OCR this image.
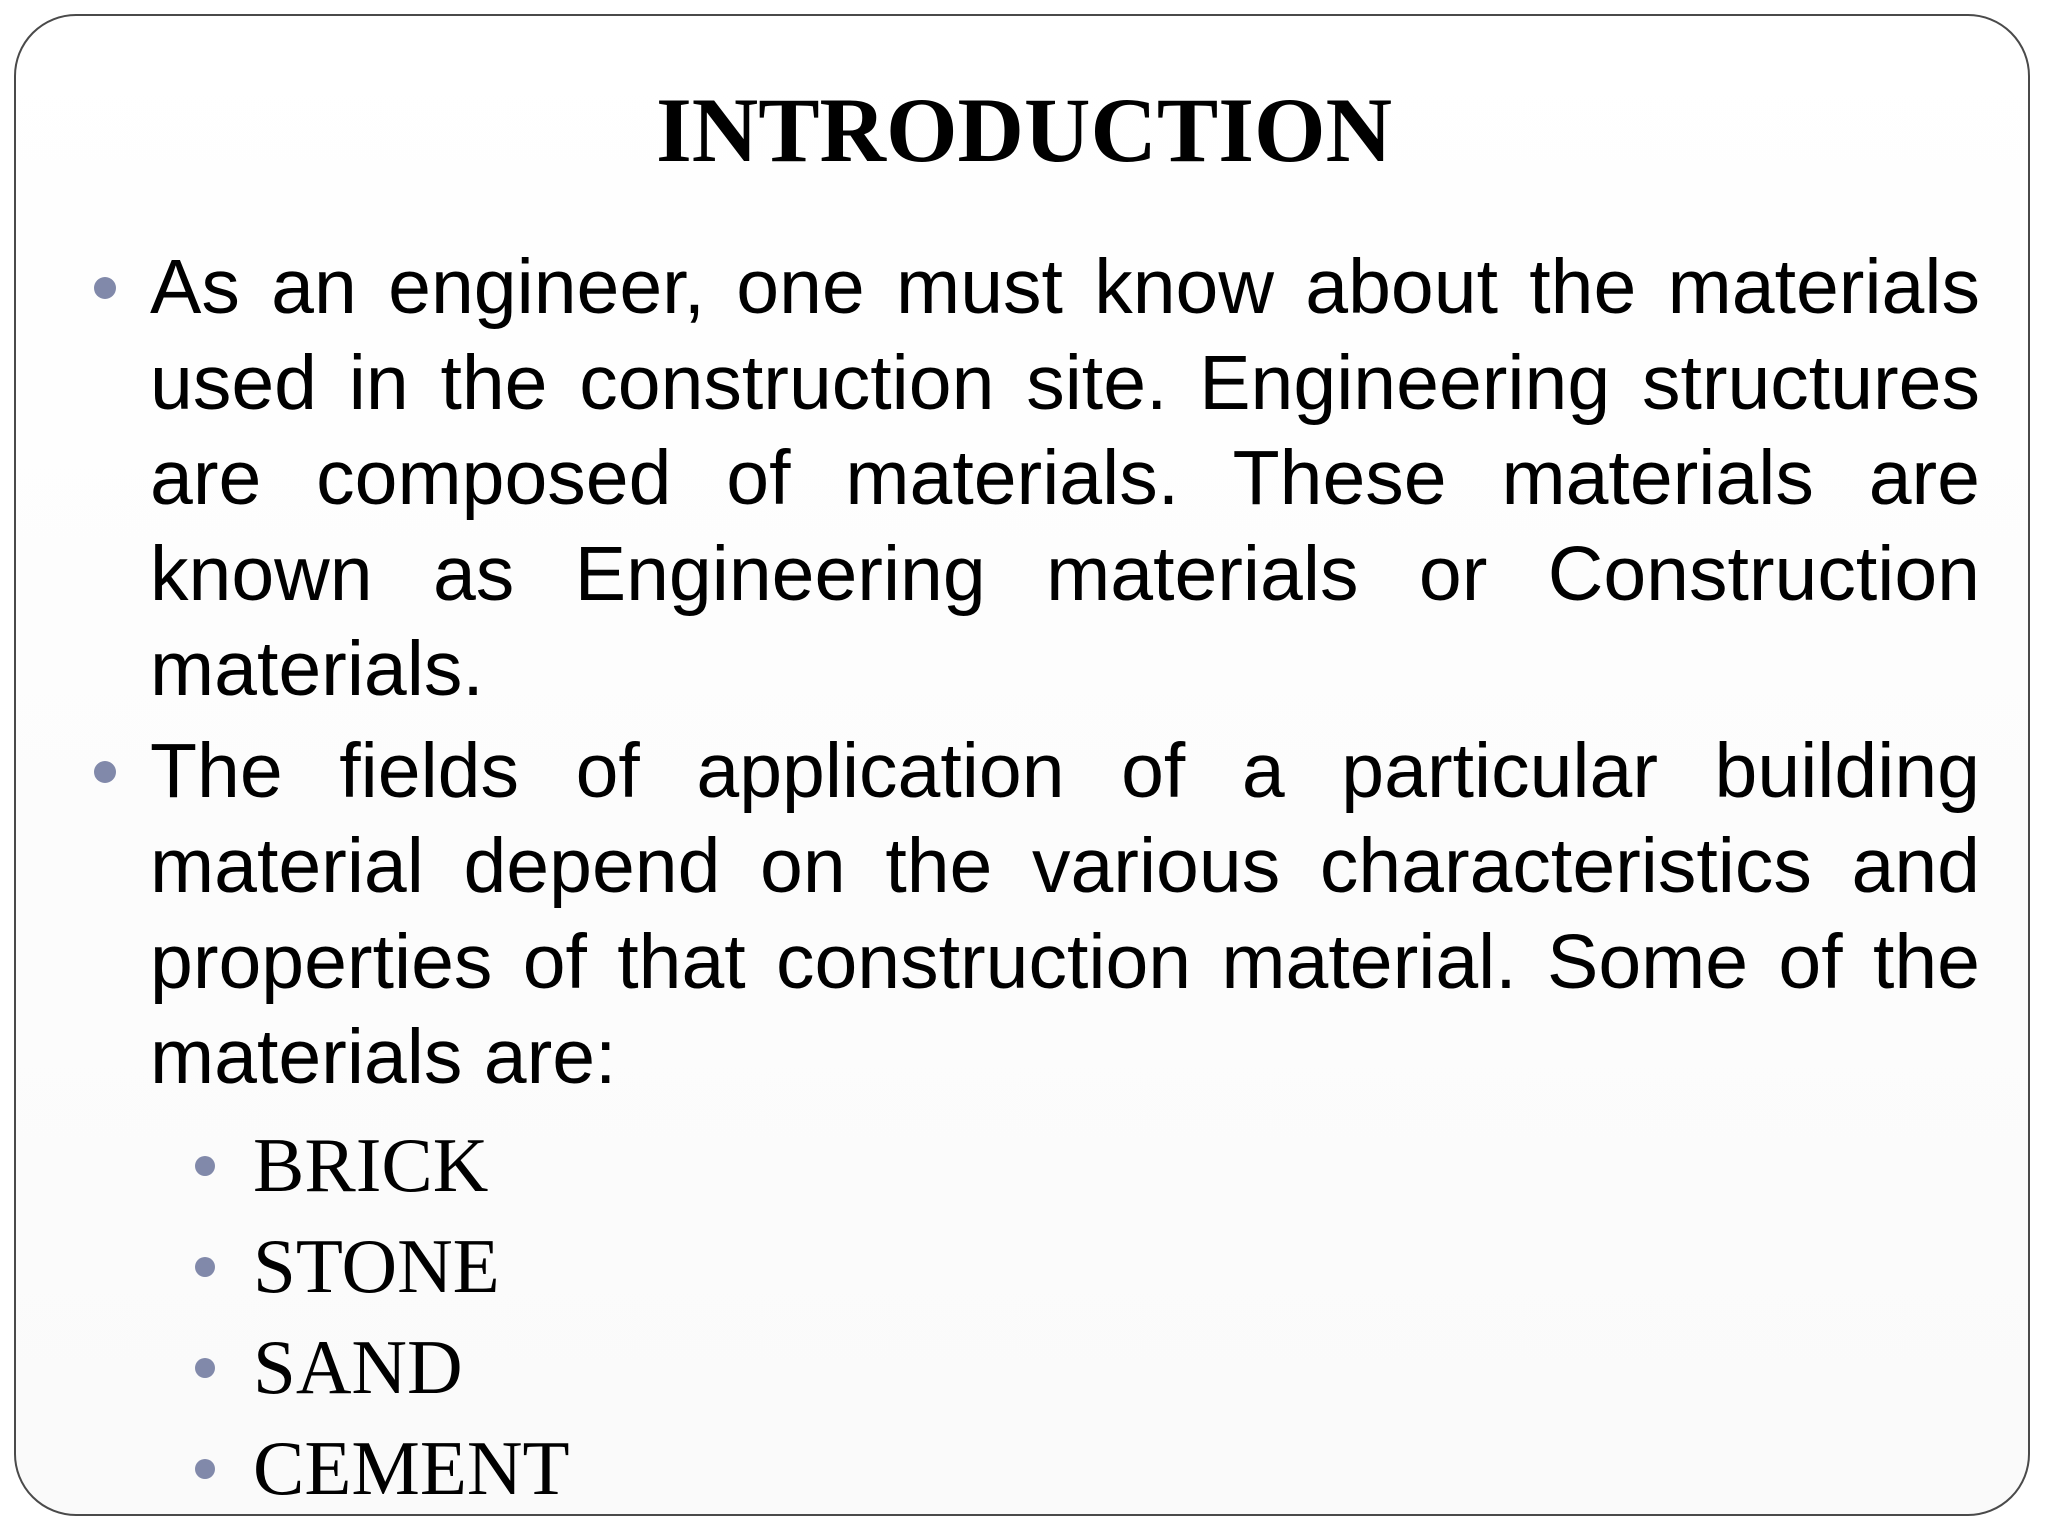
INTRODUCTION
As an engineer, one must know about the materials used in the construction site. Engineering structures are composed of materials. These materials are known as Engineering materials or Construction materials.
The fields of application of a particular building material depend on the various characteristics and properties of that construction material. Some of the materials are:
BRICK
STONE
SAND
CEMENT
